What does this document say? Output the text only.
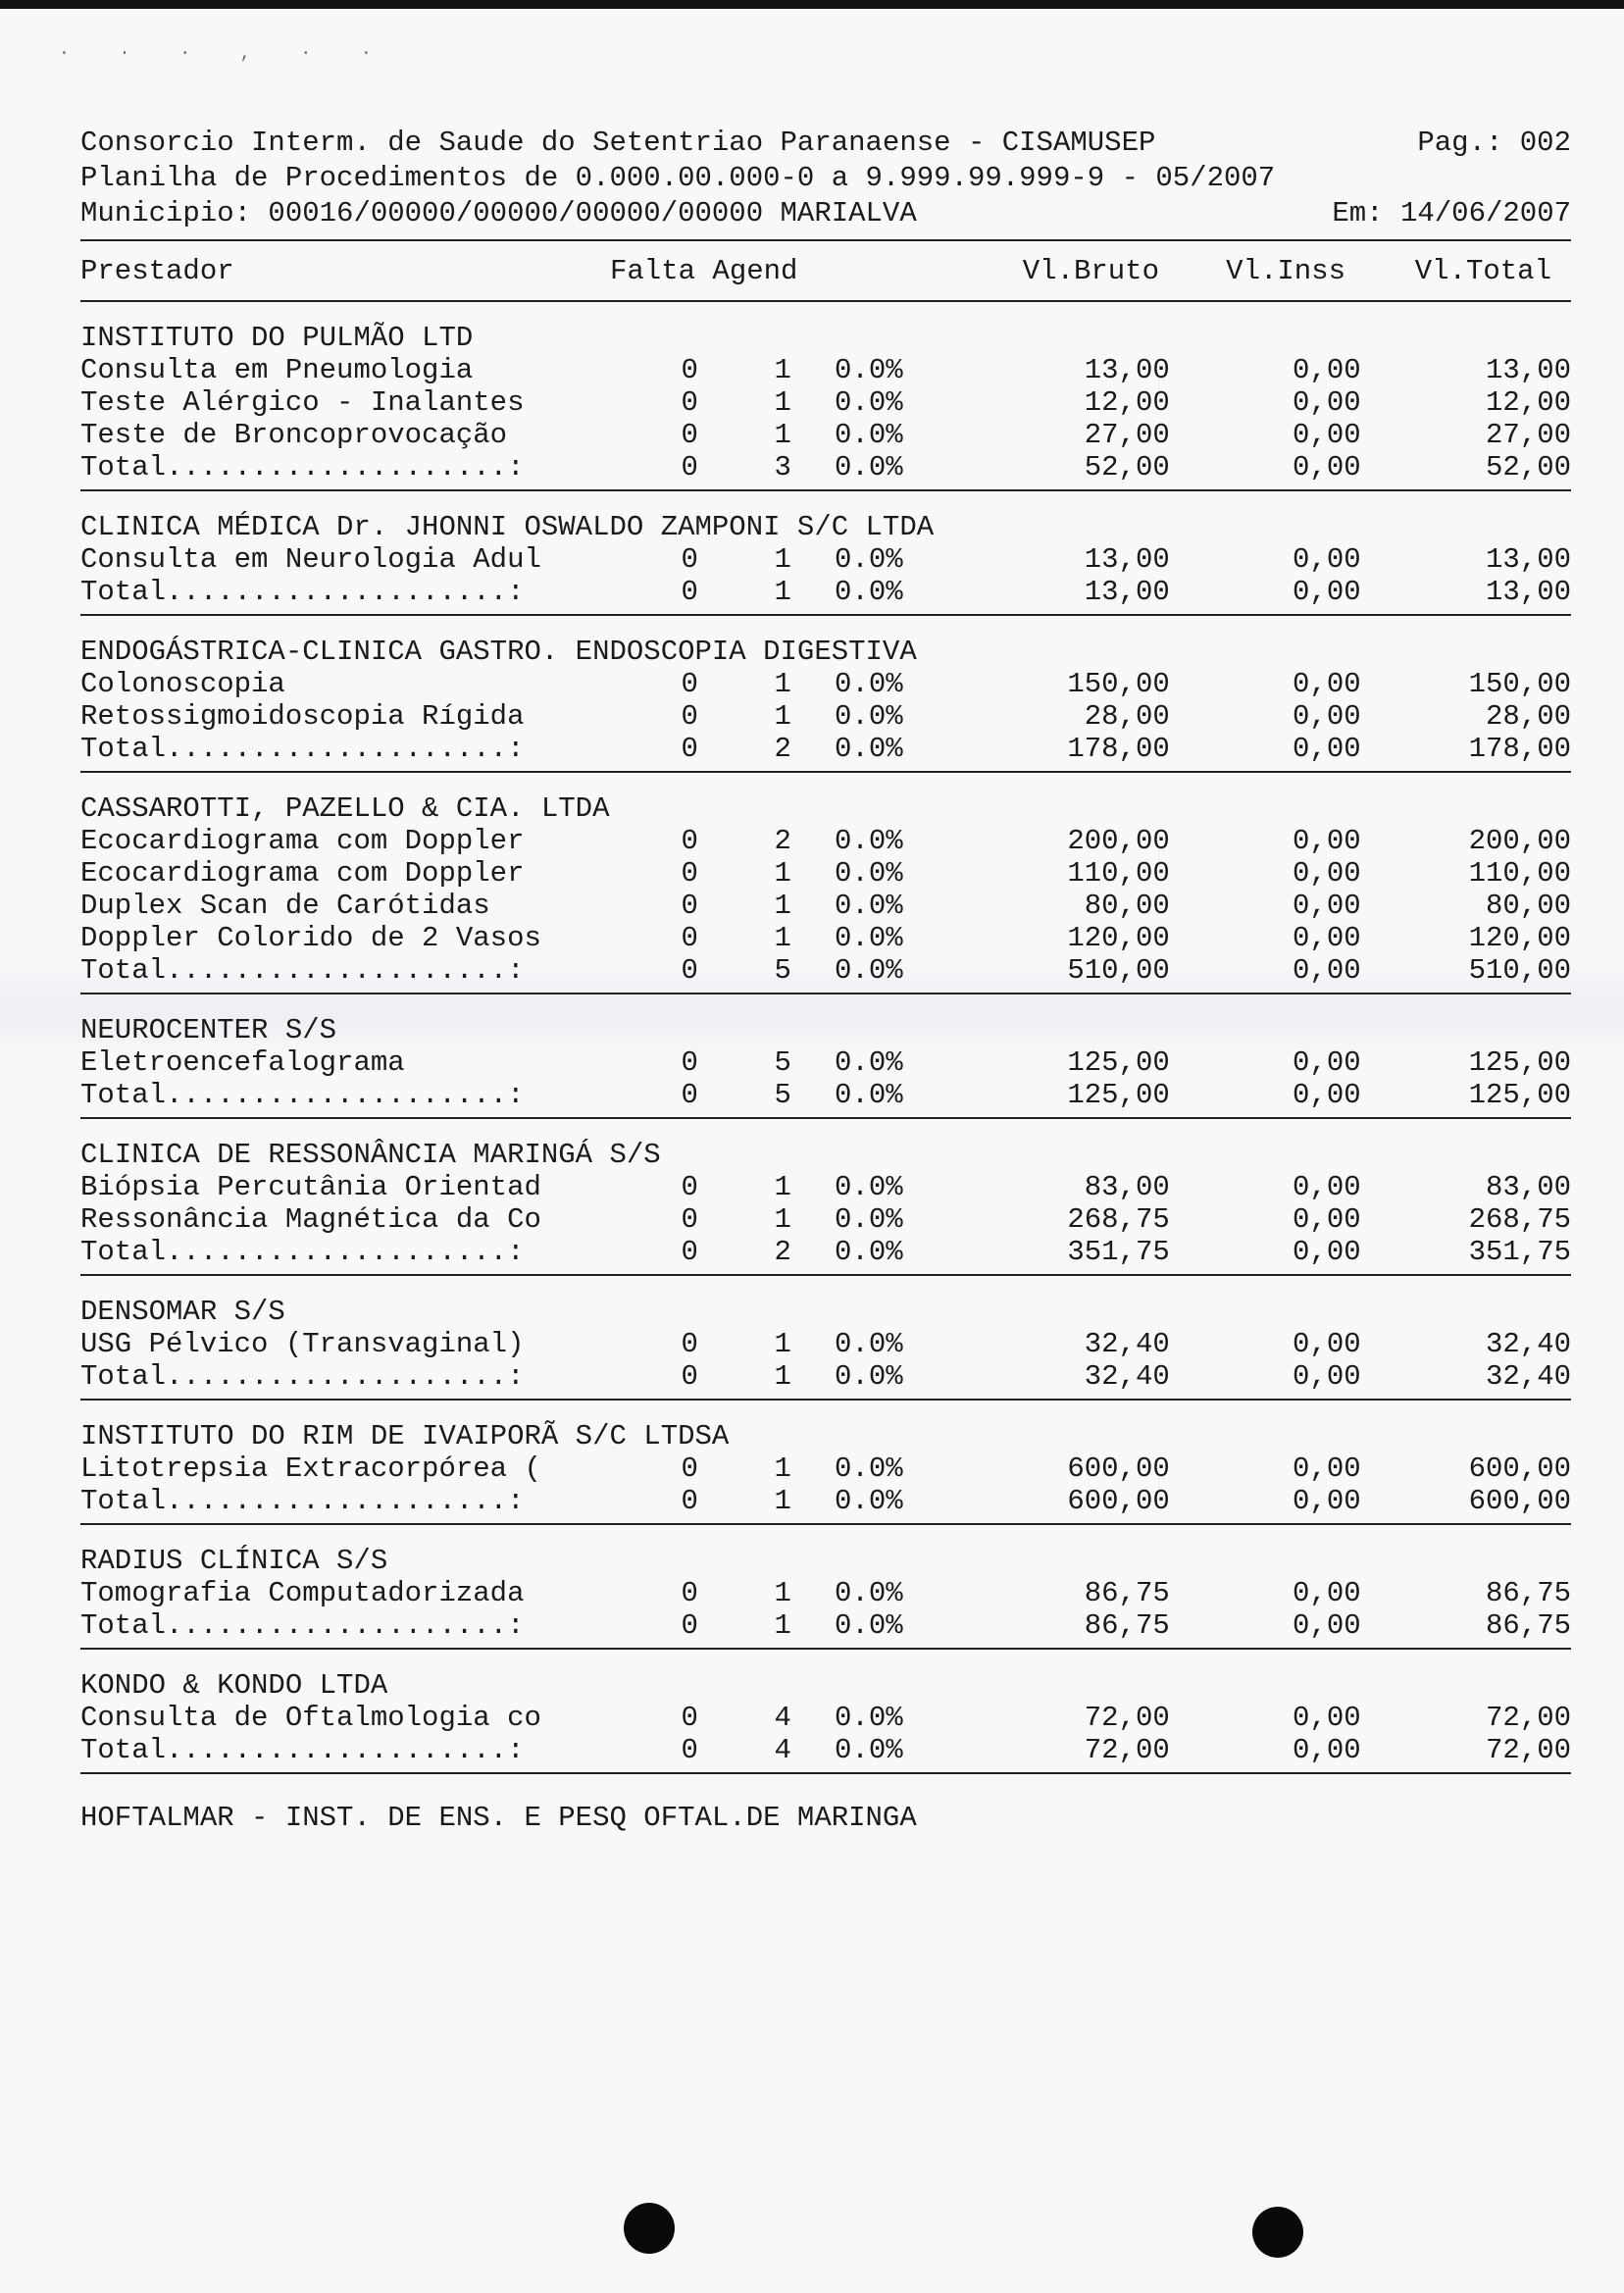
· · · , · ·
Consorcio Interm. de Saude do Setentriao Paranaense - CISAMUSEP	Pag.: 002
Planilha de Procedimentos de 0.000.00.000-0 a 9.999.99.999-9 - 05/2007
Municipio: 00016/00000/00000/00000/00000 MARIALVA	Em: 14/06/2007
Prestador	Falta Agend	Vl.Bruto	Vl.Inss	Vl.Total
INSTITUTO DO PULMÃO LTD
Consulta em Pneumologia	0	1	0.0%	13,00	0,00	13,00
Teste Alérgico - Inalantes	0	1	0.0%	12,00	0,00	12,00
Teste de Broncoprovocação	0	1	0.0%	27,00	0,00	27,00
Total....................:	0	3	0.0%	52,00	0,00	52,00
CLINICA MÉDICA Dr. JHONNI OSWALDO ZAMPONI S/C LTDA
Consulta em Neurologia Adul	0	1	0.0%	13,00	0,00	13,00
Total....................:	0	1	0.0%	13,00	0,00	13,00
ENDOGÁSTRICA-CLINICA GASTRO. ENDOSCOPIA DIGESTIVA
Colonoscopia	0	1	0.0%	150,00	0,00	150,00
Retossigmoidoscopia Rígida	0	1	0.0%	28,00	0,00	28,00
Total....................:	0	2	0.0%	178,00	0,00	178,00
CASSAROTTI, PAZELLO & CIA. LTDA
Ecocardiograma com Doppler	0	2	0.0%	200,00	0,00	200,00
Ecocardiograma com Doppler	0	1	0.0%	110,00	0,00	110,00
Duplex Scan de Carótidas	0	1	0.0%	80,00	0,00	80,00
Doppler Colorido de 2 Vasos	0	1	0.0%	120,00	0,00	120,00
Total....................:	0	5	0.0%	510,00	0,00	510,00
NEUROCENTER S/S
Eletroencefalograma	0	5	0.0%	125,00	0,00	125,00
Total....................:	0	5	0.0%	125,00	0,00	125,00
CLINICA DE RESSONÂNCIA MARINGÁ S/S
Biópsia Percutânia Orientad	0	1	0.0%	83,00	0,00	83,00
Ressonância Magnética da Co	0	1	0.0%	268,75	0,00	268,75
Total....................:	0	2	0.0%	351,75	0,00	351,75
DENSOMAR S/S
USG Pélvico (Transvaginal)	0	1	0.0%	32,40	0,00	32,40
Total....................:	0	1	0.0%	32,40	0,00	32,40
INSTITUTO DO RIM DE IVAIPORÃ S/C LTDSA
Litotrepsia Extracorpórea (	0	1	0.0%	600,00	0,00	600,00
Total....................:	0	1	0.0%	600,00	0,00	600,00
RADIUS CLÍNICA S/S
Tomografia Computadorizada	0	1	0.0%	86,75	0,00	86,75
Total....................:	0	1	0.0%	86,75	0,00	86,75
KONDO & KONDO LTDA
Consulta de Oftalmologia co	0	4	0.0%	72,00	0,00	72,00
Total....................:	0	4	0.0%	72,00	0,00	72,00
HOFTALMAR - INST. DE ENS. E PESQ OFTAL.DE MARINGA
